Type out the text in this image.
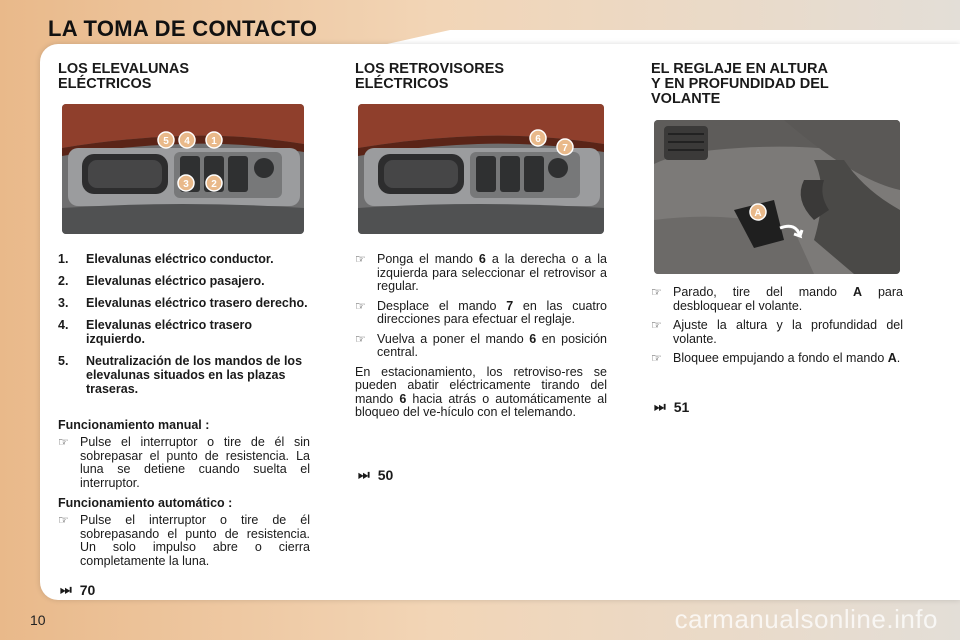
LA TOMA DE CONTACTO
LOS ELEVALUNAS
ELÉCTRICOS
5 4 1
3 2
1.	Elevalunas eléctrico conductor.
2.	Elevalunas eléctrico pasajero.
3.	Elevalunas eléctrico trasero derecho.
4.	Elevalunas eléctrico trasero izquierdo.
5.	Neutralización de los mandos de los elevalunas situados en las plazas traseras.

Funcionamiento manual :

☞ Pulse el interruptor o tire de él sin sobrepasar el punto de resistencia. La luna se detiene cuando suelta el interruptor.

Funcionamiento automático :

☞ Pulse el interruptor o tire de él sobrepasando el punto de resistencia. Un solo impulso abre o cierra completamente la luna.
⏭ 70
LOS RETROVISORES
ELÉCTRICOS
6
7
☞ Ponga el mando 6 a la derecha o a la izquierda para seleccionar el retrovisor a regular.
☞ Desplace el mando 7 en las cuatro direcciones para efectuar el reglaje.
☞ Vuelva a poner el mando 6 en posición central.
En estacionamiento, los retroviso-res se pueden abatir eléctricamente tirando del mando 6 hacia atrás o automáticamente al bloqueo del ve-hículo con el telemando.
⏭ 50
EL REGLAJE EN ALTURA
Y EN PROFUNDIDAD DEL
VOLANTE
A
☞ Parado, tire del mando A para desbloquear el volante.
☞ Ajuste la altura y la profundidad del volante.
☞ Bloquee empujando a fondo el mando A.
⏭ 51
10	carmanualsonline.info
